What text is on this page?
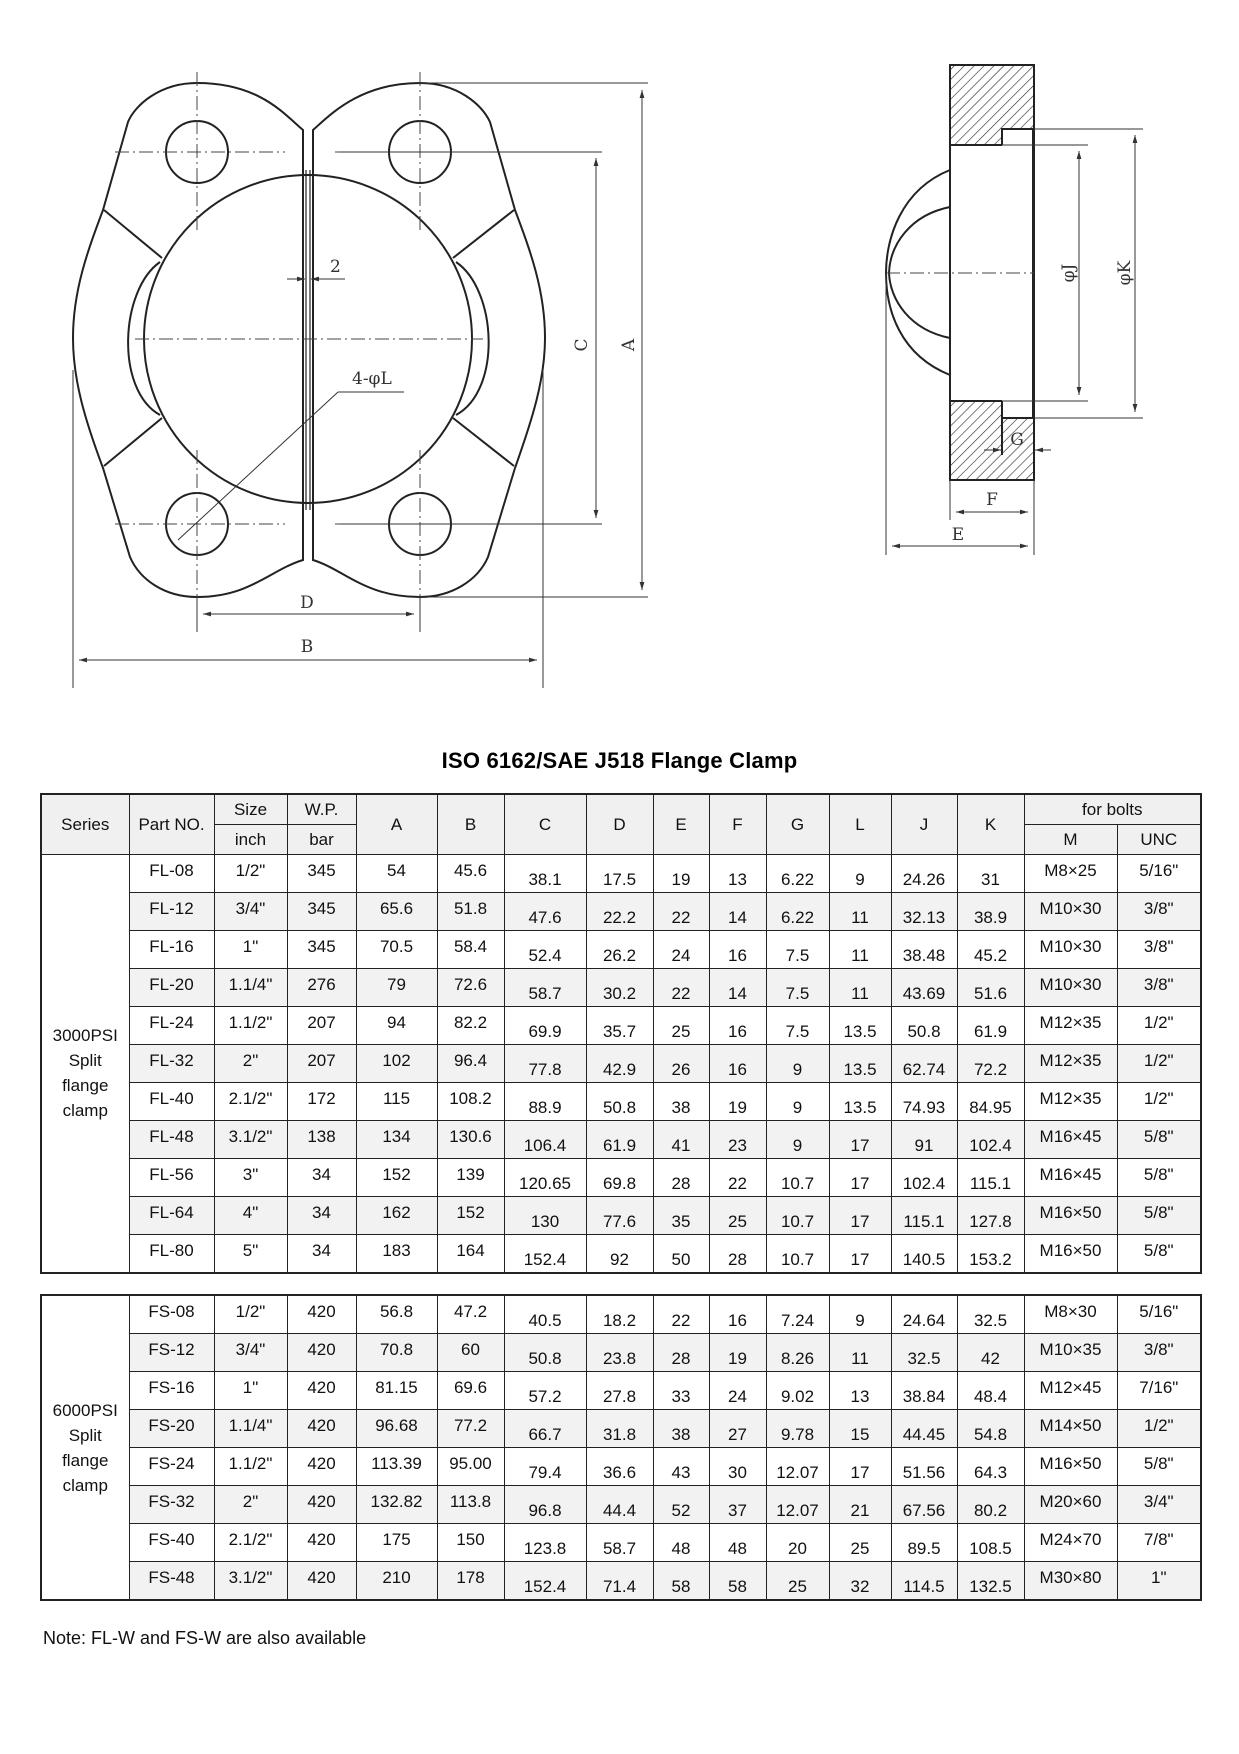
2
4-φL
C A
D
B
φJ φK
G
F
E
ISO 6162/SAE J518 Flange Clamp
Series	Part NO.	Size	W.P.	A	B	C	D	E	F	G	L	J	K	for bolts	
		inch	bar											M	UNC

3000PSI
Split
flange
clamp	FL-08	1/2"	345	54	45.6	38.1	17.5	19	13	6.22	9	24.26	31	M8×25	5/16"
	FL-12	3/4"	345	65.6	51.8	47.6	22.2	22	14	6.22	11	32.13	38.9	M10×30	3/8"
	FL-16	1"	345	70.5	58.4	52.4	26.2	24	16	7.5	11	38.48	45.2	M10×30	3/8"
	FL-20	1.1/4"	276	79	72.6	58.7	30.2	22	14	7.5	11	43.69	51.6	M10×30	3/8"
	FL-24	1.1/2"	207	94	82.2	69.9	35.7	25	16	7.5	13.5	50.8	61.9	M12×35	1/2"
	FL-32	2"	207	102	96.4	77.8	42.9	26	16	9	13.5	62.74	72.2	M12×35	1/2"
	FL-40	2.1/2"	172	115	108.2	88.9	50.8	38	19	9	13.5	74.93	84.95	M12×35	1/2"
	FL-48	3.1/2"	138	134	130.6	106.4	61.9	41	23	9	17	91	102.4	M16×45	5/8"
	FL-56	3"	34	152	139	120.65	69.8	28	22	10.7	17	102.4	115.1	M16×45	5/8"
	FL-64	4"	34	162	152	130	77.6	35	25	10.7	17	115.1	127.8	M16×50	5/8"
	FL-80	5"	34	183	164	152.4	92	50	28	10.7	17	140.5	153.2	M16×50	5/8"
6000PSI
Split
flange
clamp	FS-08	1/2"	420	56.8	47.2	40.5	18.2	22	16	7.24	9	24.64	32.5	M8×30	5/16"
	FS-12	3/4"	420	70.8	60	50.8	23.8	28	19	8.26	11	32.5	42	M10×35	3/8"
	FS-16	1"	420	81.15	69.6	57.2	27.8	33	24	9.02	13	38.84	48.4	M12×45	7/16"
	FS-20	1.1/4"	420	96.68	77.2	66.7	31.8	38	27	9.78	15	44.45	54.8	M14×50	1/2"
	FS-24	1.1/2"	420	113.39	95.00	79.4	36.6	43	30	12.07	17	51.56	64.3	M16×50	5/8"
	FS-32	2"	420	132.82	113.8	96.8	44.4	52	37	12.07	21	67.56	80.2	M20×60	3/4"
	FS-40	2.1/2"	420	175	150	123.8	58.7	48	48	20	25	89.5	108.5	M24×70	7/8"
	FS-48	3.1/2"	420	210	178	152.4	71.4	58	58	25	32	114.5	132.5	M30×80	1"
Note: FL-W and FS-W are also available
